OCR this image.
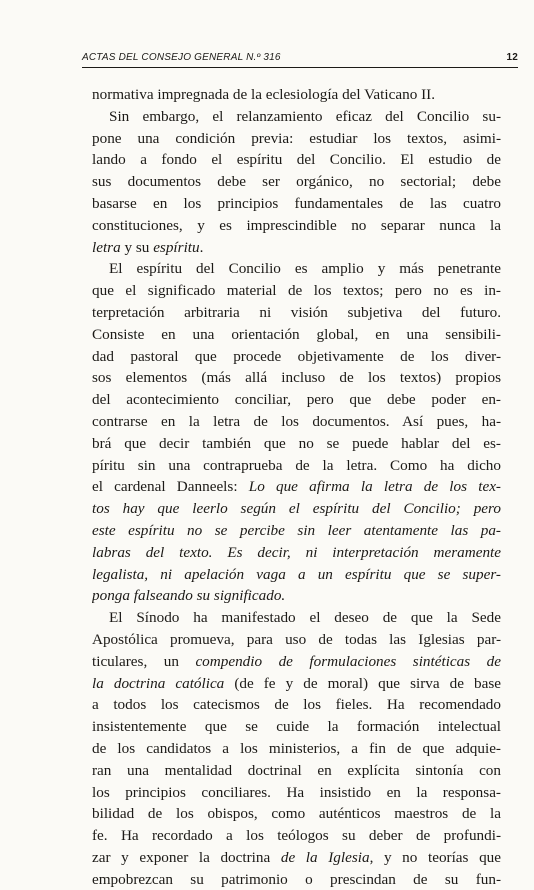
ACTAS DEL CONSEJO GENERAL N.º 316	12
normativa impregnada de la eclesiología del Vaticano II.
Sin embargo, el relanzamiento eficaz del Concilio su-
pone una condición previa: estudiar los textos, asimi-
lando a fondo el espíritu del Concilio. El estudio de
sus documentos debe ser orgánico, no sectorial; debe
basarse en los principios fundamentales de las cuatro
constituciones, y es imprescindible no separar nunca la
letra y su espíritu.
El espíritu del Concilio es amplio y más penetrante
que el significado material de los textos; pero no es in-
terpretación arbitraria ni visión subjetiva del futuro.
Consiste en una orientación global, en una sensibili-
dad pastoral que procede objetivamente de los diver-
sos elementos (más allá incluso de los textos) propios
del acontecimiento conciliar, pero que debe poder en-
contrarse en la letra de los documentos. Así pues, ha-
brá que decir también que no se puede hablar del es-
píritu sin una contraprueba de la letra. Como ha dicho
el cardenal Danneels: Lo que afirma la letra de los tex-
tos hay que leerlo según el espíritu del Concilio; pero
este espíritu no se percibe sin leer atentamente las pa-
labras del texto. Es decir, ni interpretación meramente
legalista, ni apelación vaga a un espíritu que se super-
ponga falseando su significado.
El Sínodo ha manifestado el deseo de que la Sede
Apostólica promueva, para uso de todas las Iglesias par-
ticulares, un compendio de formulaciones sintéticas de
la doctrina católica (de fe y de moral) que sirva de base
a todos los catecismos de los fieles. Ha recomendado
insistentemente que se cuide la formación intelectual
de los candidatos a los ministerios, a fin de que adquie-
ran una mentalidad doctrinal en explícita sintonía con
los principios conciliares. Ha insistido en la responsa-
bilidad de los obispos, como auténticos maestros de la
fe. Ha recordado a los teólogos su deber de profundi-
zar y exponer la doctrina de la Iglesia, y no teorías que
empobrezcan su patrimonio o prescindan de su fun-
